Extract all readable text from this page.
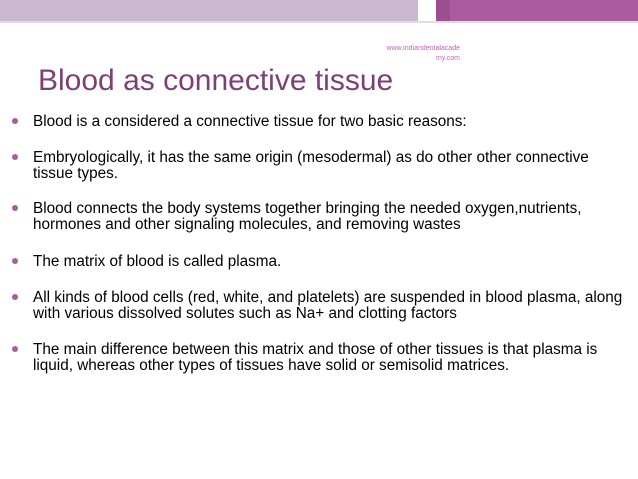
www.indiandentalacade
my.com
Blood as connective tissue
Blood is a considered a connective tissue for two basic reasons:
Embryologically, it has the same origin (mesodermal) as do other other connective tissue types.
Blood connects the body systems together bringing the needed oxygen,nutrients, hormones and other signaling molecules, and removing wastes
The matrix of blood is called plasma.
All kinds of blood cells (red, white, and platelets) are suspended in blood plasma, along with various dissolved solutes such as Na+ and clotting factors
The main difference between this matrix and those of other tissues is that plasma is liquid, whereas other types of tissues have solid or semisolid matrices.
